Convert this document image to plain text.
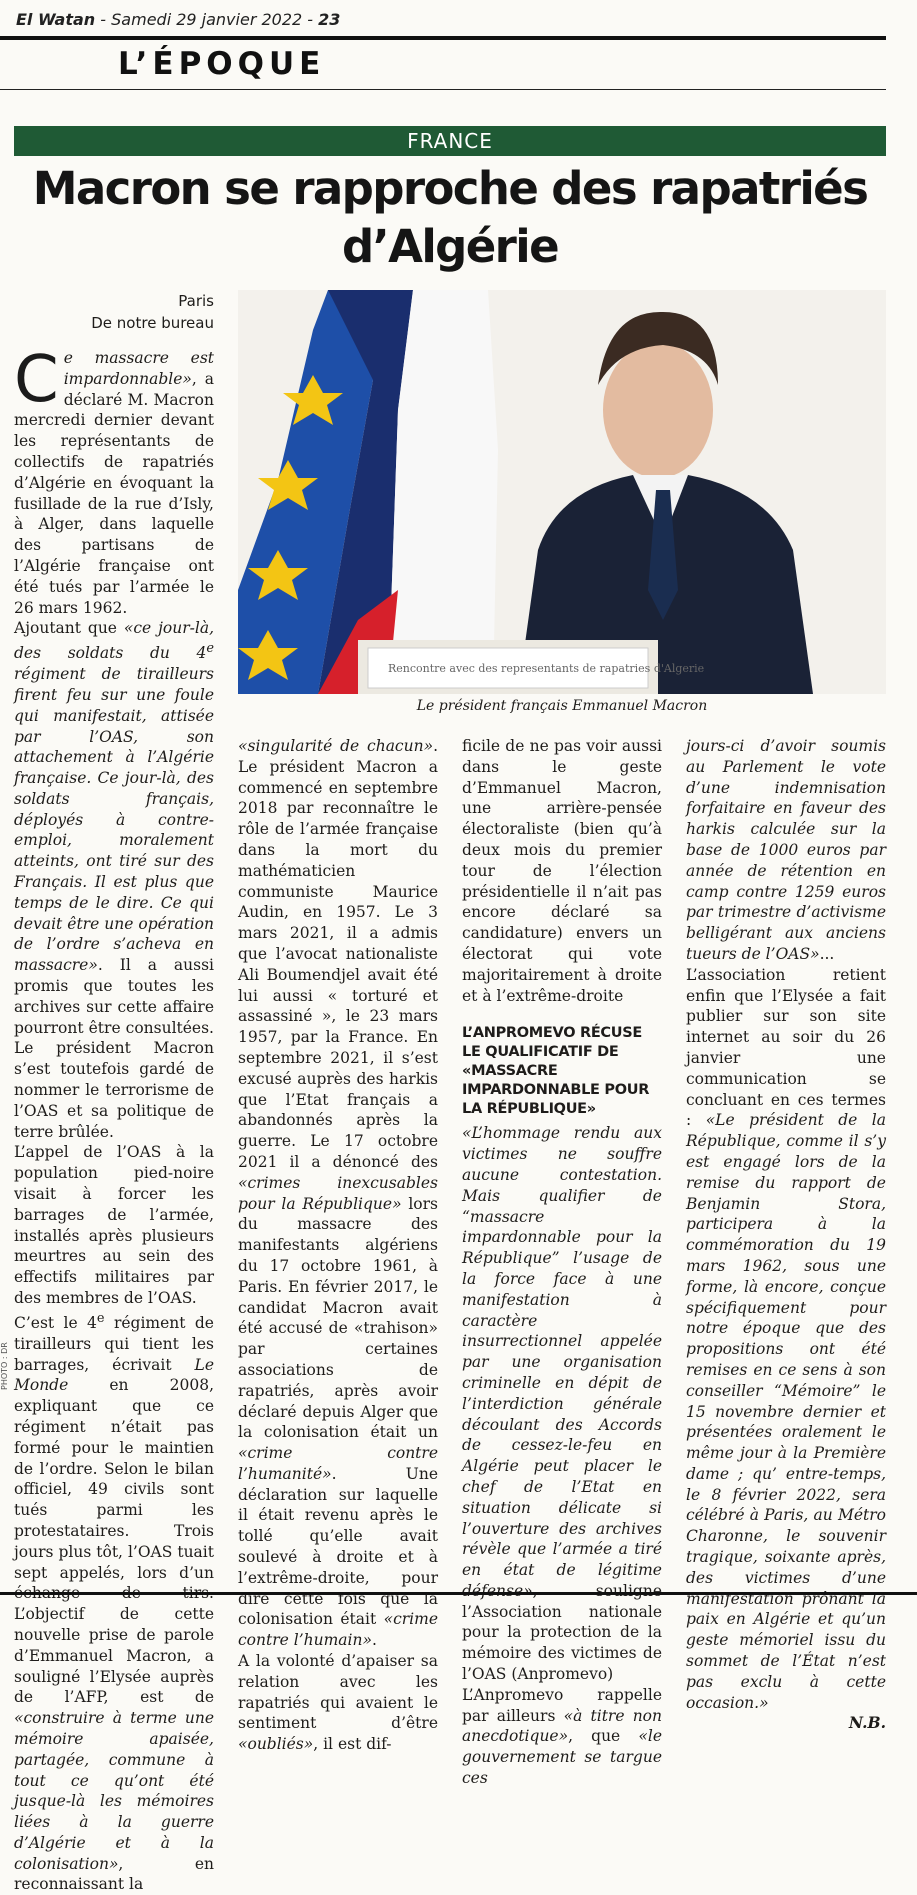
El Watan - Samedi 29 janvier 2022 - 23
L’ÉPOQUE
FRANCE
Macron se rapproche des rapatriés d’Algérie
Paris
De notre bureau

Ce massacre est impardonnable», a déclaré M. Macron mercredi dernier devant les représentants de collectifs de rapatriés d’Algérie en évoquant la fusillade de la rue d’Isly, à Alger, dans laquelle des partisans de l’Algérie française ont été tués par l’armée le 26 mars 1962.

Ajoutant que «ce jour-là, des soldats du 4e régiment de tirailleurs firent feu sur une foule qui manifestait, attisée par l’OAS, son attachement à l’Algérie française. Ce jour-là, des soldats français, déployés à contre-emploi, moralement atteints, ont tiré sur des Français. Il est plus que temps de le dire. Ce qui devait être une opération de l’ordre s’acheva en massacre». Il a aussi promis que toutes les archives sur cette affaire pourront être consultées. Le président Macron s’est toutefois gardé de nommer le terrorisme de l’OAS et sa politique de terre brûlée.

L’appel de l’OAS à la population pied-noire visait à forcer les barrages de l’armée, installés après plusieurs meurtres au sein des effectifs militaires par des membres de l’OAS.

C’est le 4e régiment de tirailleurs qui tient les barrages, écrivait Le Monde en 2008, expliquant que ce régiment n’était pas formé pour le maintien de l’ordre. Selon le bilan officiel, 49 civils sont tués parmi les protestataires. Trois jours plus tôt, l’OAS tuait sept appelés, lors d’un échange de tirs. L’objectif de cette nouvelle prise de parole d’Emmanuel Macron, a souligné l’Elysée auprès de l’AFP, est de «construire à terme une mémoire apaisée, partagée, commune à tout ce qu’ont été jusque-là les mémoires liées à la guerre d’Algérie et à la colonisation», en reconnaissant la

PHOTO : DR
Rencontre avec des representants de rapatries d'Algerie
Le président français Emmanuel Macron

«singularité de chacun». Le président Macron a commencé en septembre 2018 par reconnaître le rôle de l’armée française dans la mort du mathématicien communiste Maurice Audin, en 1957. Le 3 mars 2021, il a admis que l’avocat nationaliste Ali Boumendjel avait été lui aussi « torturé et assassiné », le 23 mars 1957, par la France. En septembre 2021, il s’est excusé auprès des harkis que l’Etat français a abandonnés après la guerre. Le 17 octobre 2021 il a dénoncé des «crimes inexcusables pour la République» lors du massacre des manifestants algériens du 17 octobre 1961, à Paris. En février 2017, le candidat Macron avait été accusé de «trahison» par certaines associations de rapatriés, après avoir déclaré depuis Alger que la colonisation était un «crime contre l’humanité». Une déclaration sur laquelle il était revenu après le tollé qu’elle avait soulevé à droite et à l’extrême-droite, pour dire cette fois que la colonisation était «crime contre l’humain».

A la volonté d’apaiser sa relation avec les rapatriés qui avaient le sentiment d’être «oubliés», il est dif-

ficile de ne pas voir aussi dans le geste d’Emmanuel Macron, une arrière-pensée électoraliste (bien qu’à deux mois du premier tour de l’élection présidentielle il n’ait pas encore déclaré sa candidature) envers un électorat qui vote majoritairement à droite et à l’extrême-droite

L’ANPROMEVO RÉCUSE LE QUALIFICATIF DE «MASSACRE IMPARDONNABLE POUR LA RÉPUBLIQUE»

«L’hommage rendu aux victimes ne souffre aucune contestation. Mais qualifier de “massacre impardonnable pour la République” l’usage de la force face à une manifestation à caractère insurrectionnel appelée par une organisation criminelle en dépit de l’interdiction générale découlant des Accords de cessez-le-feu en Algérie peut placer le chef de l’Etat en situation délicate si l’ouverture des archives révèle que l’armée a tiré en état de légitime défense», souligne l’Association nationale pour la protection de la mémoire des victimes de l’OAS (Anpromevo)

L’Anpromevo rappelle par ailleurs «à titre non anecdotique», que «le gouvernement se targue ces

jours-ci d’avoir soumis au Parlement le vote d’une indemnisation forfaitaire en faveur des harkis calculée sur la base de 1000 euros par année de rétention en camp contre 1259 euros par trimestre d’activisme belligérant aux anciens tueurs de l’OAS»...

L’association retient enfin que l’Elysée a fait publier sur son site internet au soir du 26 janvier une communication se concluant en ces termes : «Le président de la République, comme il s’y est engagé lors de la remise du rapport de Benjamin Stora, participera à la commémoration du 19 mars 1962, sous une forme, là encore, conçue spécifiquement pour notre époque que des propositions ont été remises en ce sens à son conseiller “Mémoire” le 15 novembre dernier et présentées oralement le même jour à la Première dame ; qu’ entre-temps, le 8 février 2022, sera célébré à Paris, au Métro Charonne, le souvenir tragique, soixante après, des victimes d’une manifestation prônant la paix en Algérie et qu’un geste mémoriel issu du sommet de l’État n’est pas exclu à cette occasion.»

N.B.
